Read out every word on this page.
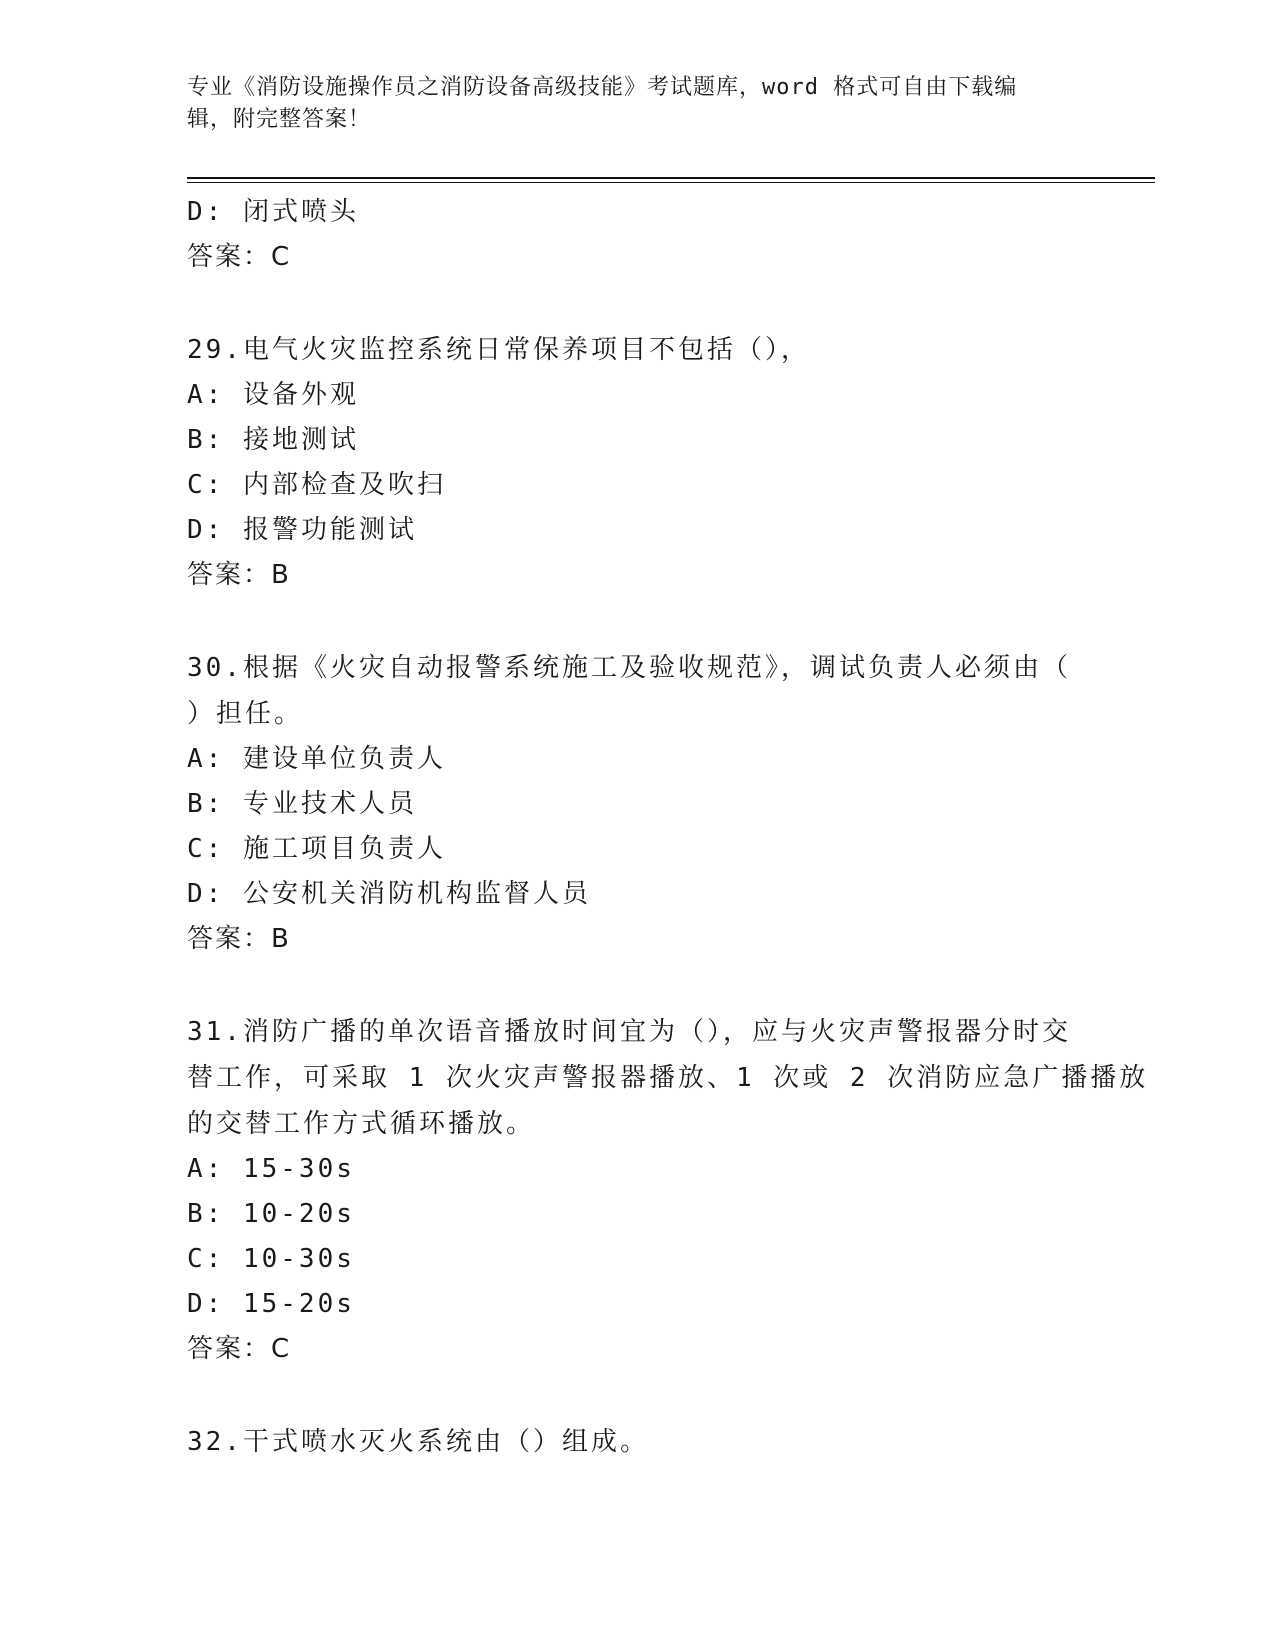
专业《消防设施操作员之消防设备高级技能》考试题库，word 格式可自由下载编
辑，附完整答案！
D: 闭式喷头
答案：C
29.电气火灾监控系统日常保养项目不包括（），
A: 设备外观
B: 接地测试
C: 内部检查及吹扫
D: 报警功能测试
答案：B
30.根据《火灾自动报警系统施工及验收规范》，调试负责人必须由（
）担任。
A: 建设单位负责人
B: 专业技术人员
C: 施工项目负责人
D: 公安机关消防机构监督人员
答案：B
31.消防广播的单次语音播放时间宜为（），应与火灾声警报器分时交
替工作，可采取 1 次火灾声警报器播放、1 次或 2 次消防应急广播播放
的交替工作方式循环播放。
A: 15-30s
B: 10-20s
C: 10-30s
D: 15-20s
答案：C
32.干式喷水灭火系统由（）组成。
